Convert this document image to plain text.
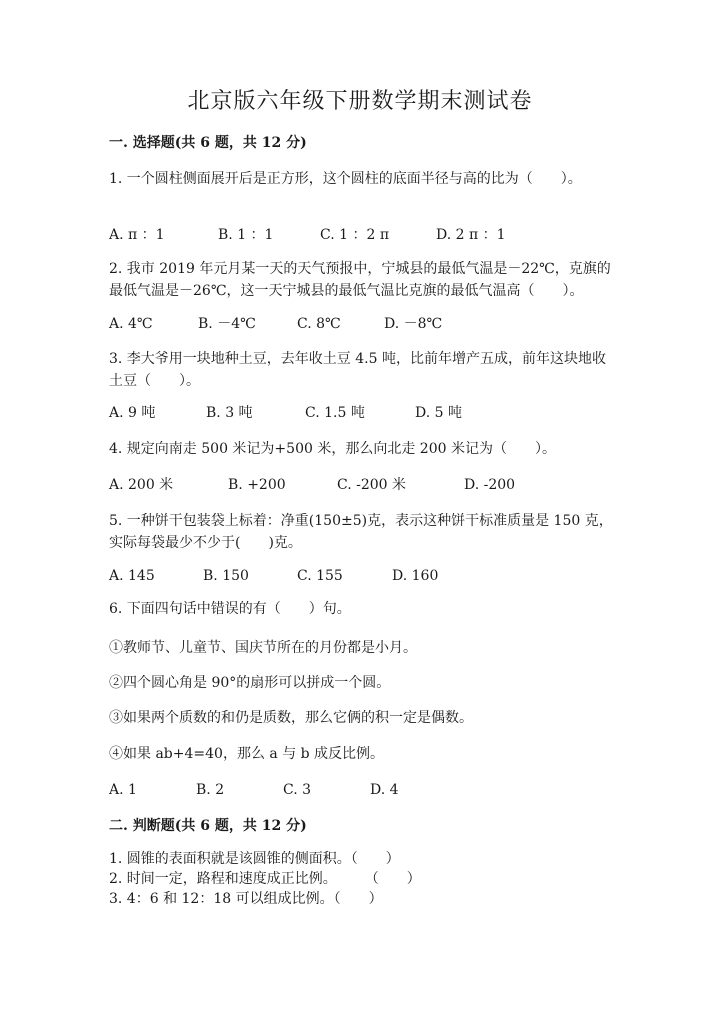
北京版六年级下册数学期末测试卷
一. 选择题(共 6 题，共 12 分)
1. 一个圆柱侧面展开后是正方形，这个圆柱的底面半径与高的比为（　　）。
A. π ：1	B. 1 ：1	C. 1 ：2 π	D. 2 π ：1
2. 我市 2019 年元月某一天的天气预报中，宁城县的最低气温是－22℃，克旗的最低气温是－26℃，这一天宁城县的最低气温比克旗的最低气温高（　　）。
A. 4℃	B. －4℃	C. 8℃	D. －8℃
3. 李大爷用一块地种土豆，去年收土豆 4.5 吨，比前年增产五成，前年这块地收土豆（　　）。
A. 9 吨	B. 3 吨	C. 1.5 吨	D. 5 吨
4. 规定向南走 500 米记为+500 米，那么向北走 200 米记为（　　）。
A. 200 米	B. +200	C. -200 米	D. -200
5. 一种饼干包装袋上标着：净重(150±5)克，表示这种饼干标准质量是 150 克，实际每袋最少不少于(　　)克。
A. 145	B. 150	C. 155	D. 160
6. 下面四句话中错误的有（　　）句。
①教师节、儿童节、国庆节所在的月份都是小月。
②四个圆心角是 90°的扇形可以拼成一个圆。
③如果两个质数的和仍是质数，那么它俩的积一定是偶数。
④如果 ab+4=40，那么 a 与 b 成反比例。
A. 1	B. 2	C. 3	D. 4
二. 判断题(共 6 题，共 12 分)
1. 圆锥的表面积就是该圆锥的侧面积。（　　）
2. 时间一定，路程和速度成正比例。　　　（　　）
3. 4：6 和 12：18 可以组成比例。（　　）
